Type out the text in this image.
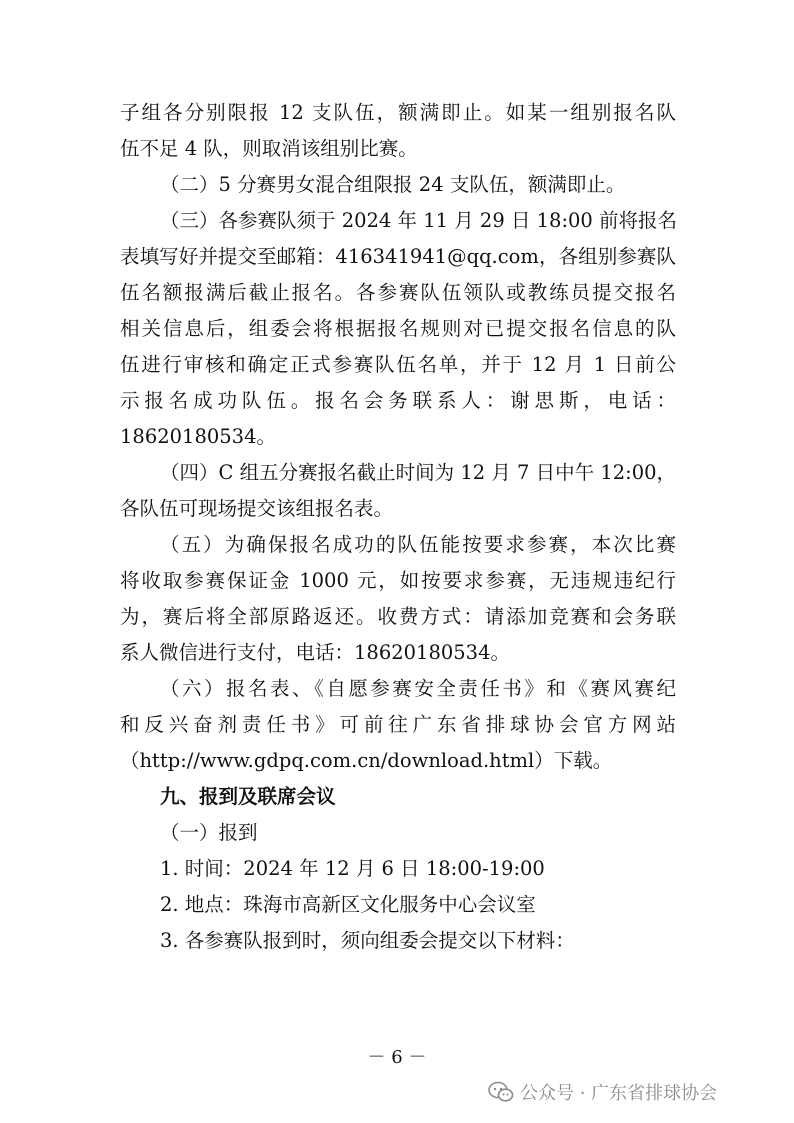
子组各分别限报 12 支队伍，额满即止。如某一组别报名队
伍不足 4 队，则取消该组别比赛。
（二）5 分赛男女混合组限报 24 支队伍，额满即止。
（三）各参赛队须于 2024 年 11 月 29 日 18:00 前将报名
表填写好并提交至邮箱：416341941@qq.com，各组别参赛队
伍名额报满后截止报名。各参赛队伍领队或教练员提交报名
相关信息后，组委会将根据报名规则对已提交报名信息的队
伍进行审核和确定正式参赛队伍名单，并于 12 月 1 日前公
示报名成功队伍。报名会务联系人：谢思斯，电话：
18620180534。
（四）C 组五分赛报名截止时间为 12 月 7 日中午 12:00，
各队伍可现场提交该组报名表。
（五）为确保报名成功的队伍能按要求参赛，本次比赛
将收取参赛保证金 1000 元，如按要求参赛，无违规违纪行
为，赛后将全部原路返还。收费方式：请添加竞赛和会务联
系人微信进行支付，电话：18620180534。
（六）报名表、《自愿参赛安全责任书》和《赛风赛纪
和反兴奋剂责任书》可前往广东省排球协会官方网站
（http://www.gdpq.com.cn/download.html）下载。
九、报到及联席会议
（一）报到
1. 时间：2024 年 12 月 6 日 18:00-19:00
2. 地点：珠海市高新区文化服务中心会议室
3. 各参赛队报到时，须向组委会提交以下材料：
－ 6 －
公众号 · 广东省排球协会
